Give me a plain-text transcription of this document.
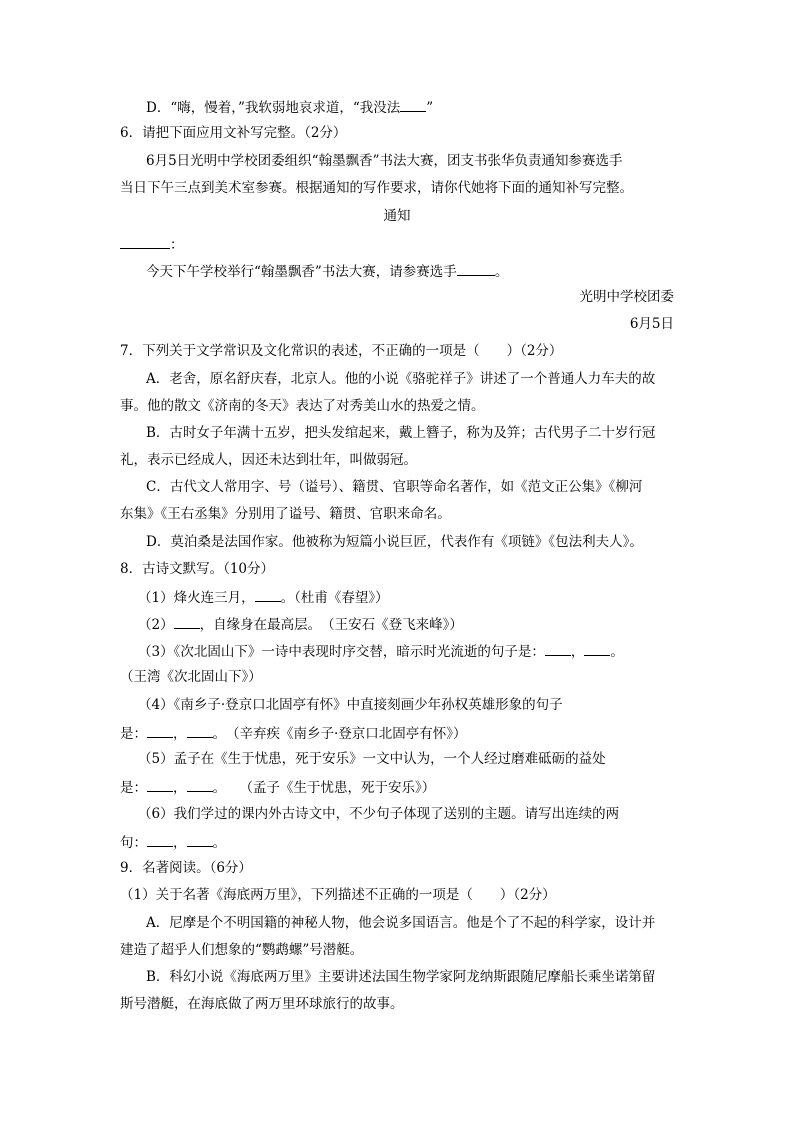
D．“嗨，慢着，”我软弱地哀求道，“我没法 ”
6．请把下面应用文补写完整。（2分）
6月5日光明中学校团委组织“翰墨飘香”书法大赛，团支书张华负责通知参赛选手
当日下午三点到美术室参赛。根据通知的写作要求，请你代她将下面的通知补写完整。
通知
：
今天下午学校举行“翰墨飘香”书法大赛，请参赛选手	。
光明中学校团委
6月5日
7．下列关于文学常识及文化常识的表述，不正确的一项是（　　）（2分）
A．老舍，原名舒庆春，北京人。他的小说《骆驼祥子》讲述了一个普通人力车夫的故
事。他的散文《济南的冬天》表达了对秀美山水的热爱之情。
B．古时女子年满十五岁，把头发绾起来，戴上簪子，称为及笄；古代男子二十岁行冠
礼，表示已经成人，因还未达到壮年，叫做弱冠。
C．古代文人常用字、号（谥号）、籍贯、官职等命名著作，如《范文正公集》《柳河
东集》《王右丞集》分别用了谥号、籍贯、官职来命名。
D．莫泊桑是法国作家。他被称为短篇小说巨匠，代表作有《项链》《包法利夫人》。
8．古诗文默写。（10分）
（1）烽火连三月， 。（杜甫《春望》）
（2） ，自缘身在最高层。　（王安石《登飞来峰》）
（3）《次北固山下》一诗中表现时序交替，暗示时光流逝的句子是： ， 。
（王湾《次北固山下》）
（4）《南乡子·登京口北固亭有怀》中直接刻画少年孙权英雄形象的句子
是： ， 。　（辛弃疾《南乡子·登京口北固亭有怀》）
（5）孟子在《生于忧患，死于安乐》一文中认为，一个人经过磨难砥砺的益处
是： ， 。　　（孟子《生于忧患，死于安乐》）
（6）我们学过的课内外古诗文中，不少句子体现了送别的主题。请写出连续的两
句： ， 。
9．名著阅读。（6分）
（1）关于名著《海底两万里》，下列描述不正确的一项是（　　）（2分）
A．尼摩是个不明国籍的神秘人物，他会说多国语言。他是个了不起的科学家，设计并
建造了超乎人们想象的“鹦鹉螺”号潜艇。
B．科幻小说《海底两万里》主要讲述法国生物学家阿龙纳斯跟随尼摩船长乘坐诺第留
斯号潜艇，在海底做了两万里环球旅行的故事。
